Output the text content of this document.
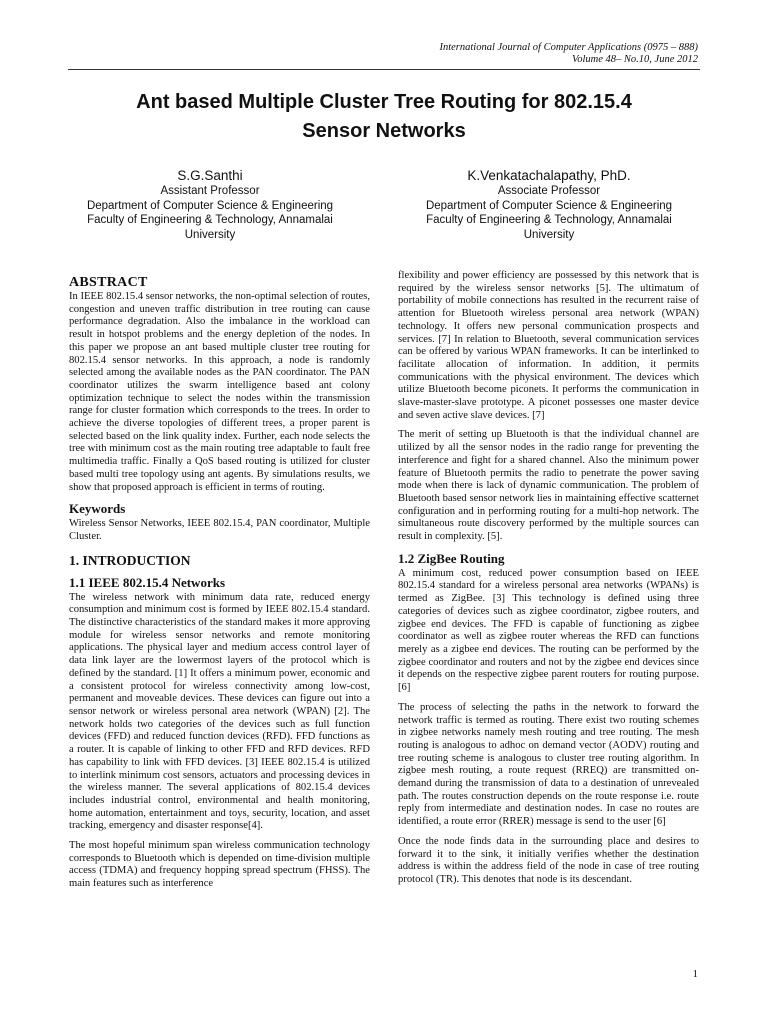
International Journal of Computer Applications (0975 – 888)
Volume 48– No.10, June 2012
Ant based Multiple Cluster Tree Routing for 802.15.4
Sensor Networks
S.G.Santhi
Assistant Professor
Department of Computer Science & Engineering
Faculty of Engineering & Technology, Annamalai
University
K.Venkatachalapathy, PhD.
Associate Professor
Department of Computer Science & Engineering
Faculty of Engineering & Technology, Annamalai
University
ABSTRACT

In IEEE 802.15.4 sensor networks, the non-optimal selection of routes, congestion and uneven traffic distribution in tree routing can cause performance degradation. Also the imbalance in the workload can result in hotspot problems and the energy depletion of the nodes. In this paper we propose an ant based multiple cluster tree routing for 802.15.4 sensor networks. In this approach, a node is randomly selected among the available nodes as the PAN coordinator. The PAN coordinator utilizes the swarm intelligence based ant colony optimization technique to select the nodes within the transmission range for cluster formation which corresponds to the trees. In order to achieve the diverse topologies of different trees, a proper parent is selected based on the link quality index. Further, each node selects the tree with minimum cost as the main routing tree adaptable to fault free multimedia traffic. Finally a QoS based routing is utilized for cluster based multi tree topology using ant agents. By simulations results, we show that proposed approach is efficient in terms of routing.

Keywords

Wireless Sensor Networks, IEEE 802.15.4, PAN coordinator, Multiple Cluster.

1. INTRODUCTION
1.1 IEEE 802.15.4 Networks

The wireless network with minimum data rate, reduced energy consumption and minimum cost is formed by IEEE 802.15.4 standard. The distinctive characteristics of the standard makes it more approving module for wireless sensor networks and remote monitoring applications. The physical layer and medium access control layer of data link layer are the lowermost layers of the protocol which is defined by the standard. [1] It offers a minimum power, economic and a consistent protocol for wireless connectivity among low-cost, permanent and moveable devices. These devices can figure out into a sensor network or wireless personal area network (WPAN) [2]. The network holds two categories of the devices such as full function devices (FFD) and reduced function devices (RFD). FFD functions as a router. It is capable of linking to other FFD and RFD devices. RFD has capability to link with FFD devices. [3] IEEE 802.15.4 is utilized to interlink minimum cost sensors, actuators and processing devices in the wireless manner. The several applications of 802.15.4 devices includes industrial control, environmental and health monitoring, home automation, entertainment and toys, security, location, and asset tracking, emergency and disaster response[4].

The most hopeful minimum span wireless communication technology corresponds to Bluetooth which is depended on time-division multiple access (TDMA) and frequency hopping spread spectrum (FHSS). The main features such as interference

flexibility and power efficiency are possessed by this network that is required by the wireless sensor networks [5]. The ultimatum of portability of mobile connections has resulted in the recurrent raise of attention for Bluetooth wireless personal area network (WPAN) technology. It offers new personal communication prospects and services. [7] In relation to Bluetooth, several communication services can be offered by various WPAN frameworks. It can be interlinked to facilitate allocation of information. In addition, it permits communications with the physical environment. The devices which utilize Bluetooth become piconets. It performs the communication in slave-master-slave prototype. A piconet possesses one master device and seven active slave devices. [7]

The merit of setting up Bluetooth is that the individual channel are utilized by all the sensor nodes in the radio range for preventing the interference and fight for a shared channel. Also the minimum power feature of Bluetooth permits the radio to penetrate the power saving mode when there is lack of dynamic communication. The problem of Bluetooth based sensor network lies in maintaining effective scatternet configuration and in performing routing for a multi-hop network. The simultaneous route discovery performed by the multiple sources can result in complexity. [5].

1.2 ZigBee Routing

A minimum cost, reduced power consumption based on IEEE 802.15.4 standard for a wireless personal area networks (WPANs) is termed as ZigBee. [3] This technology is defined using three categories of devices such as zigbee coordinator, zigbee routers, and zigbee end devices. The FFD is capable of functioning as zigbee coordinator as well as zigbee router whereas the RFD can functions merely as a zigbee end devices. The routing can be performed by the zigbee coordinator and routers and not by the zigbee end devices since it depends on the respective zigbee parent routers for routing purpose. [6]

The process of selecting the paths in the network to forward the network traffic is termed as routing. There exist two routing schemes in zigbee networks namely mesh routing and tree routing. The mesh routing is analogous to adhoc on demand vector (AODV) routing and tree routing scheme is analogous to cluster tree routing algorithm. In zigbee mesh routing, a route request (RREQ) are transmitted on-demand during the transmission of data to a destination of unrevealed path. The routes construction depends on the route response i.e. route reply from intermediate and destination nodes. In case no routes are identified, a route error (RRER) message is send to the user [6]

Once the node finds data in the surrounding place and desires to forward it to the sink, it initially verifies whether the destination address is within the address field of the node in case of tree routing protocol (TR). This denotes that node is its descendant.

1
